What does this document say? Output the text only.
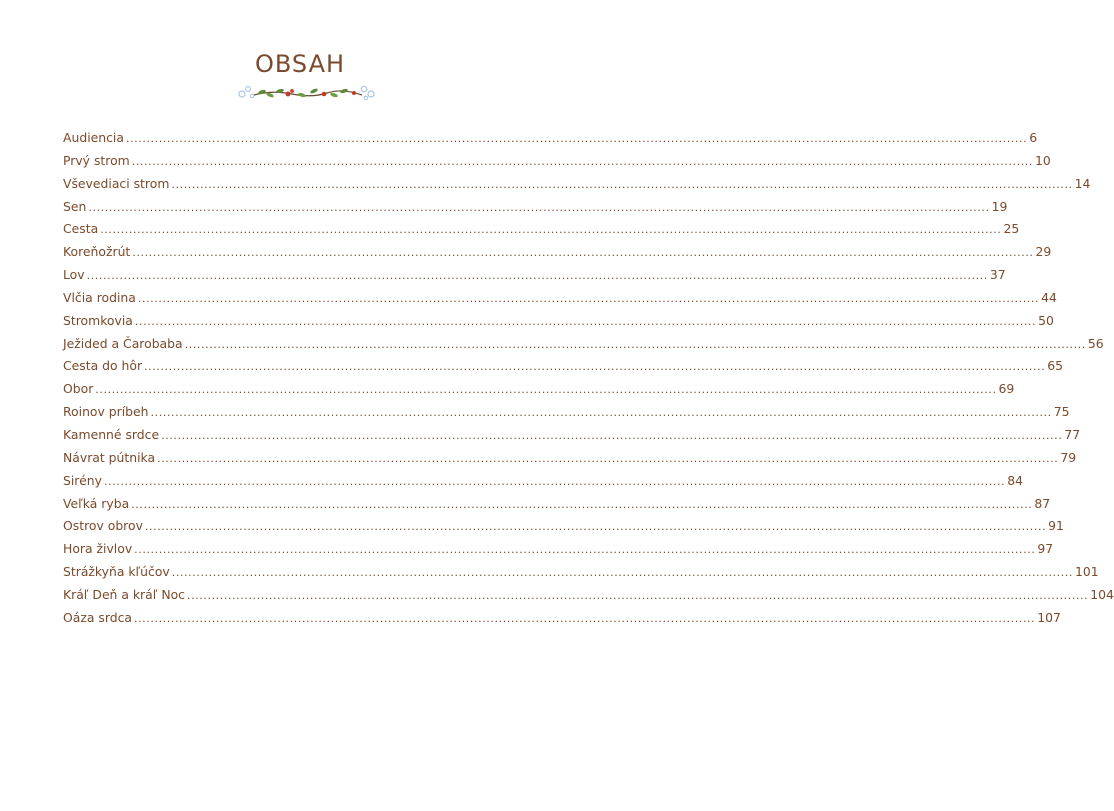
OBSAH
Audiencia ............................................................................................................................................................................................................................ 6
Prvý strom ............................................................................................................................................................................................................................ 10
Vševediaci strom ............................................................................................................................................................................................................................ 14
Sen ............................................................................................................................................................................................................................ 19
Cesta ............................................................................................................................................................................................................................ 25
Koreňožrút ............................................................................................................................................................................................................................ 29
Lov ............................................................................................................................................................................................................................ 37
Vlčia rodina ............................................................................................................................................................................................................................ 44
Stromkovia ............................................................................................................................................................................................................................ 50
Ježided a Čarobaba ............................................................................................................................................................................................................................ 56
Cesta do hôr ............................................................................................................................................................................................................................ 65
Obor ............................................................................................................................................................................................................................ 69
Roinov príbeh ............................................................................................................................................................................................................................ 75
Kamenné srdce ............................................................................................................................................................................................................................ 77
Návrat pútnika ............................................................................................................................................................................................................................ 79
Sirény ............................................................................................................................................................................................................................ 84
Veľká ryba ............................................................................................................................................................................................................................ 87
Ostrov obrov ............................................................................................................................................................................................................................ 91
Hora živlov ............................................................................................................................................................................................................................ 97
Strážkyňa kľúčov ............................................................................................................................................................................................................................ 101
Kráľ Deň a kráľ Noc ............................................................................................................................................................................................................................ 104
Oáza srdca ............................................................................................................................................................................................................................ 107
